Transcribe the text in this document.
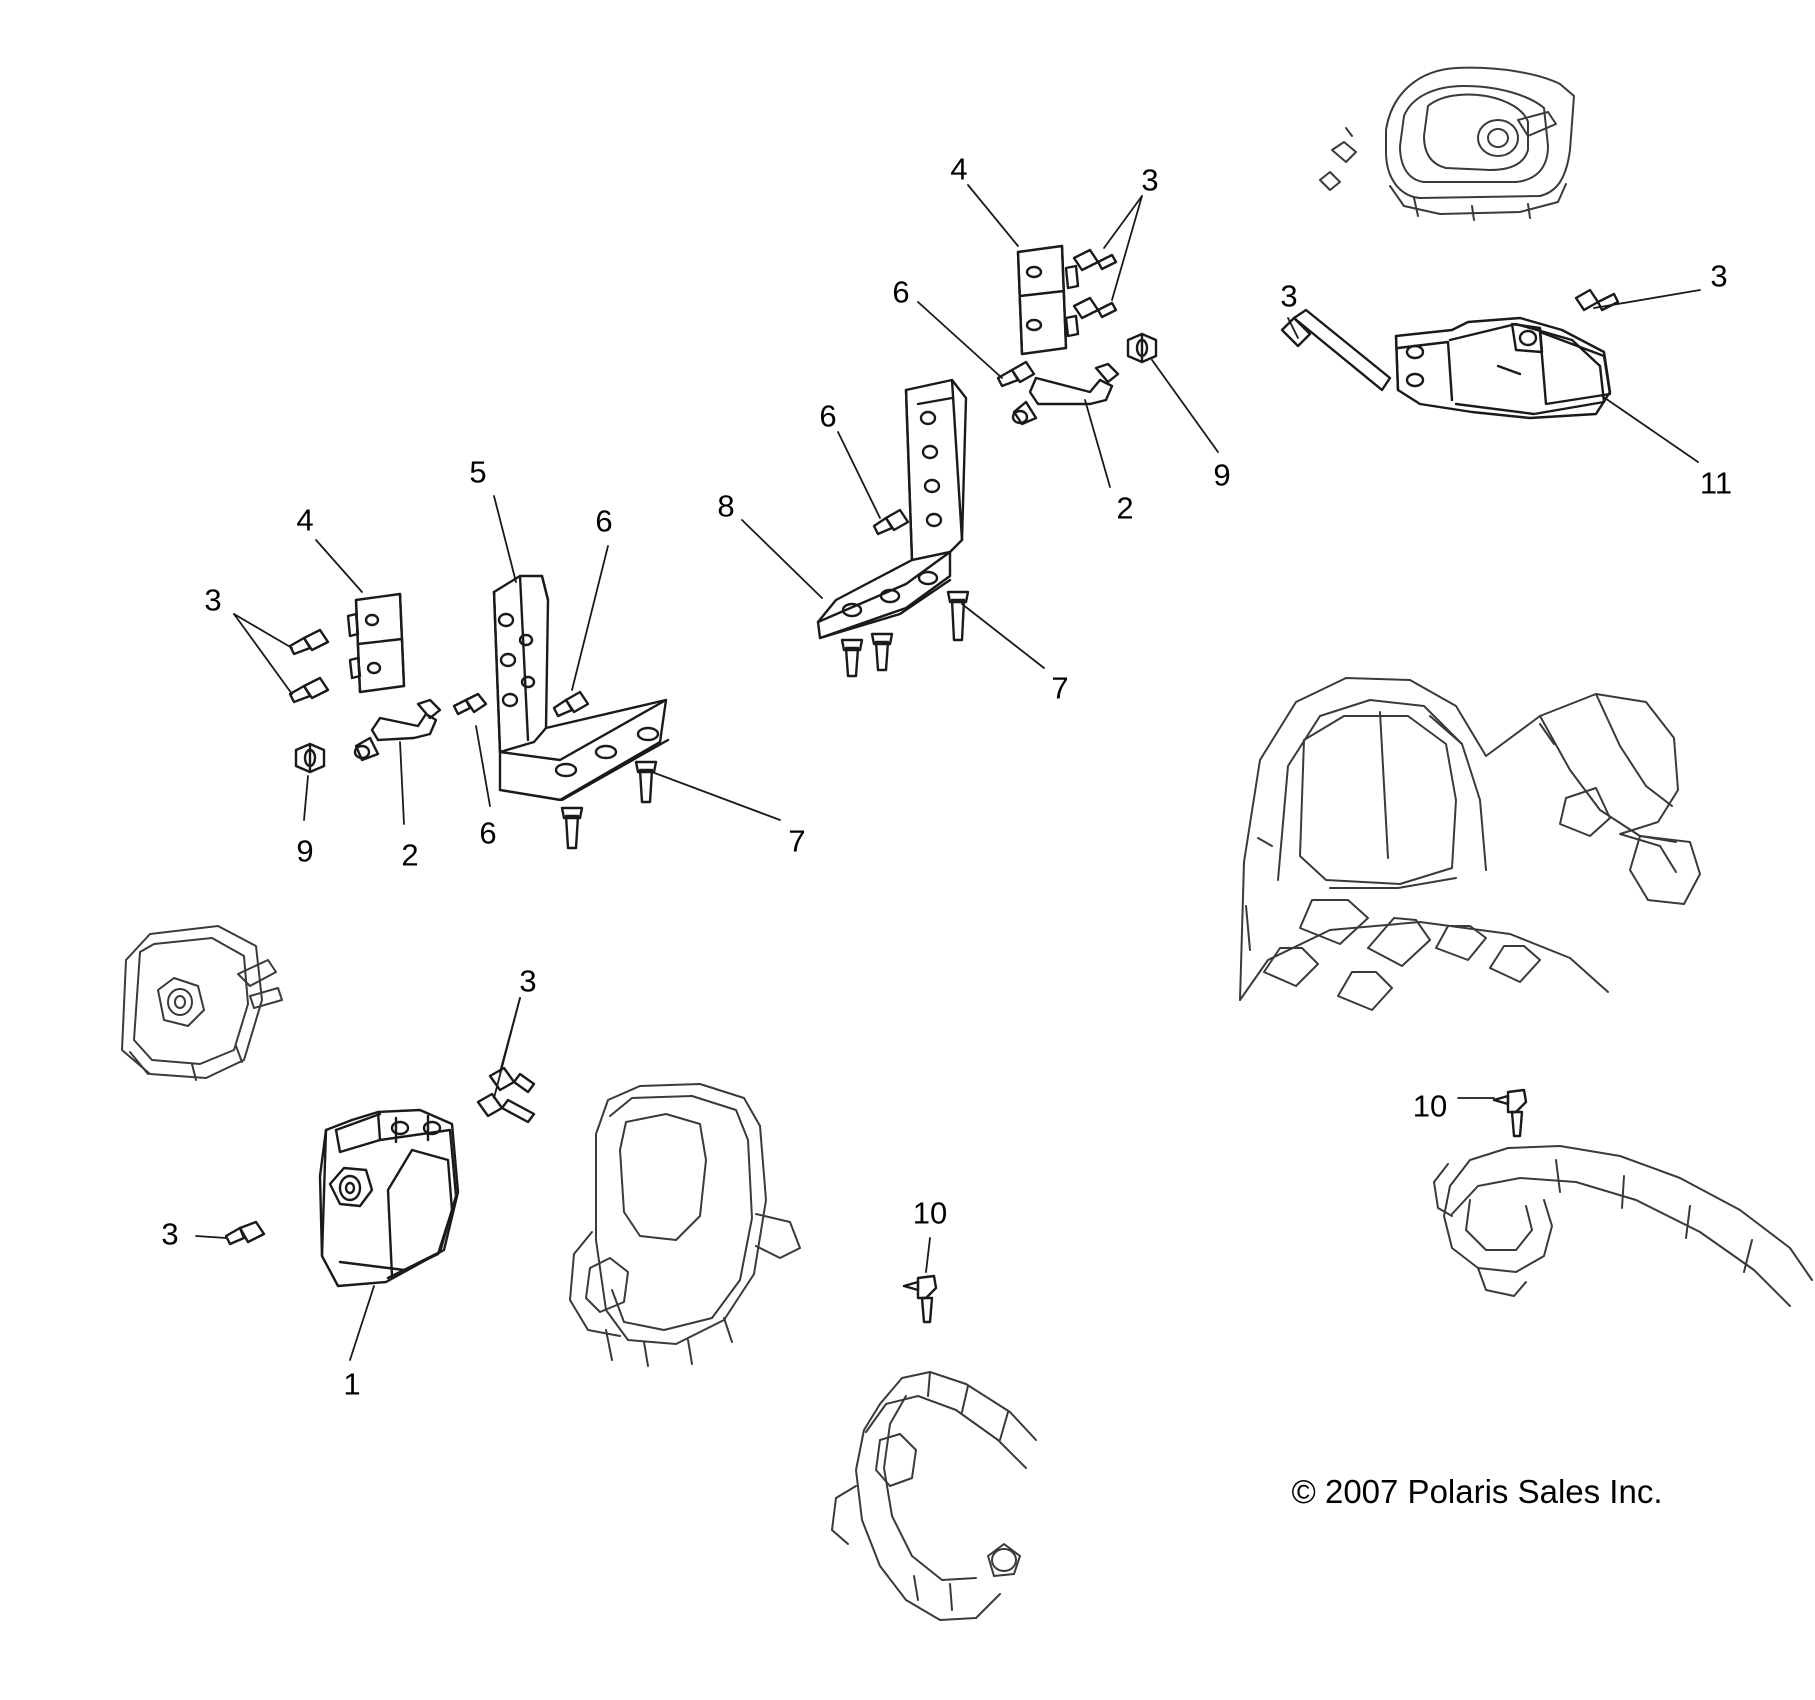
4	3
6	3
3
9
2
11
5
6
6	8
4
3
7
9	2
6	7
3
3
1
10
10
© 2007 Polaris Sales Inc.
